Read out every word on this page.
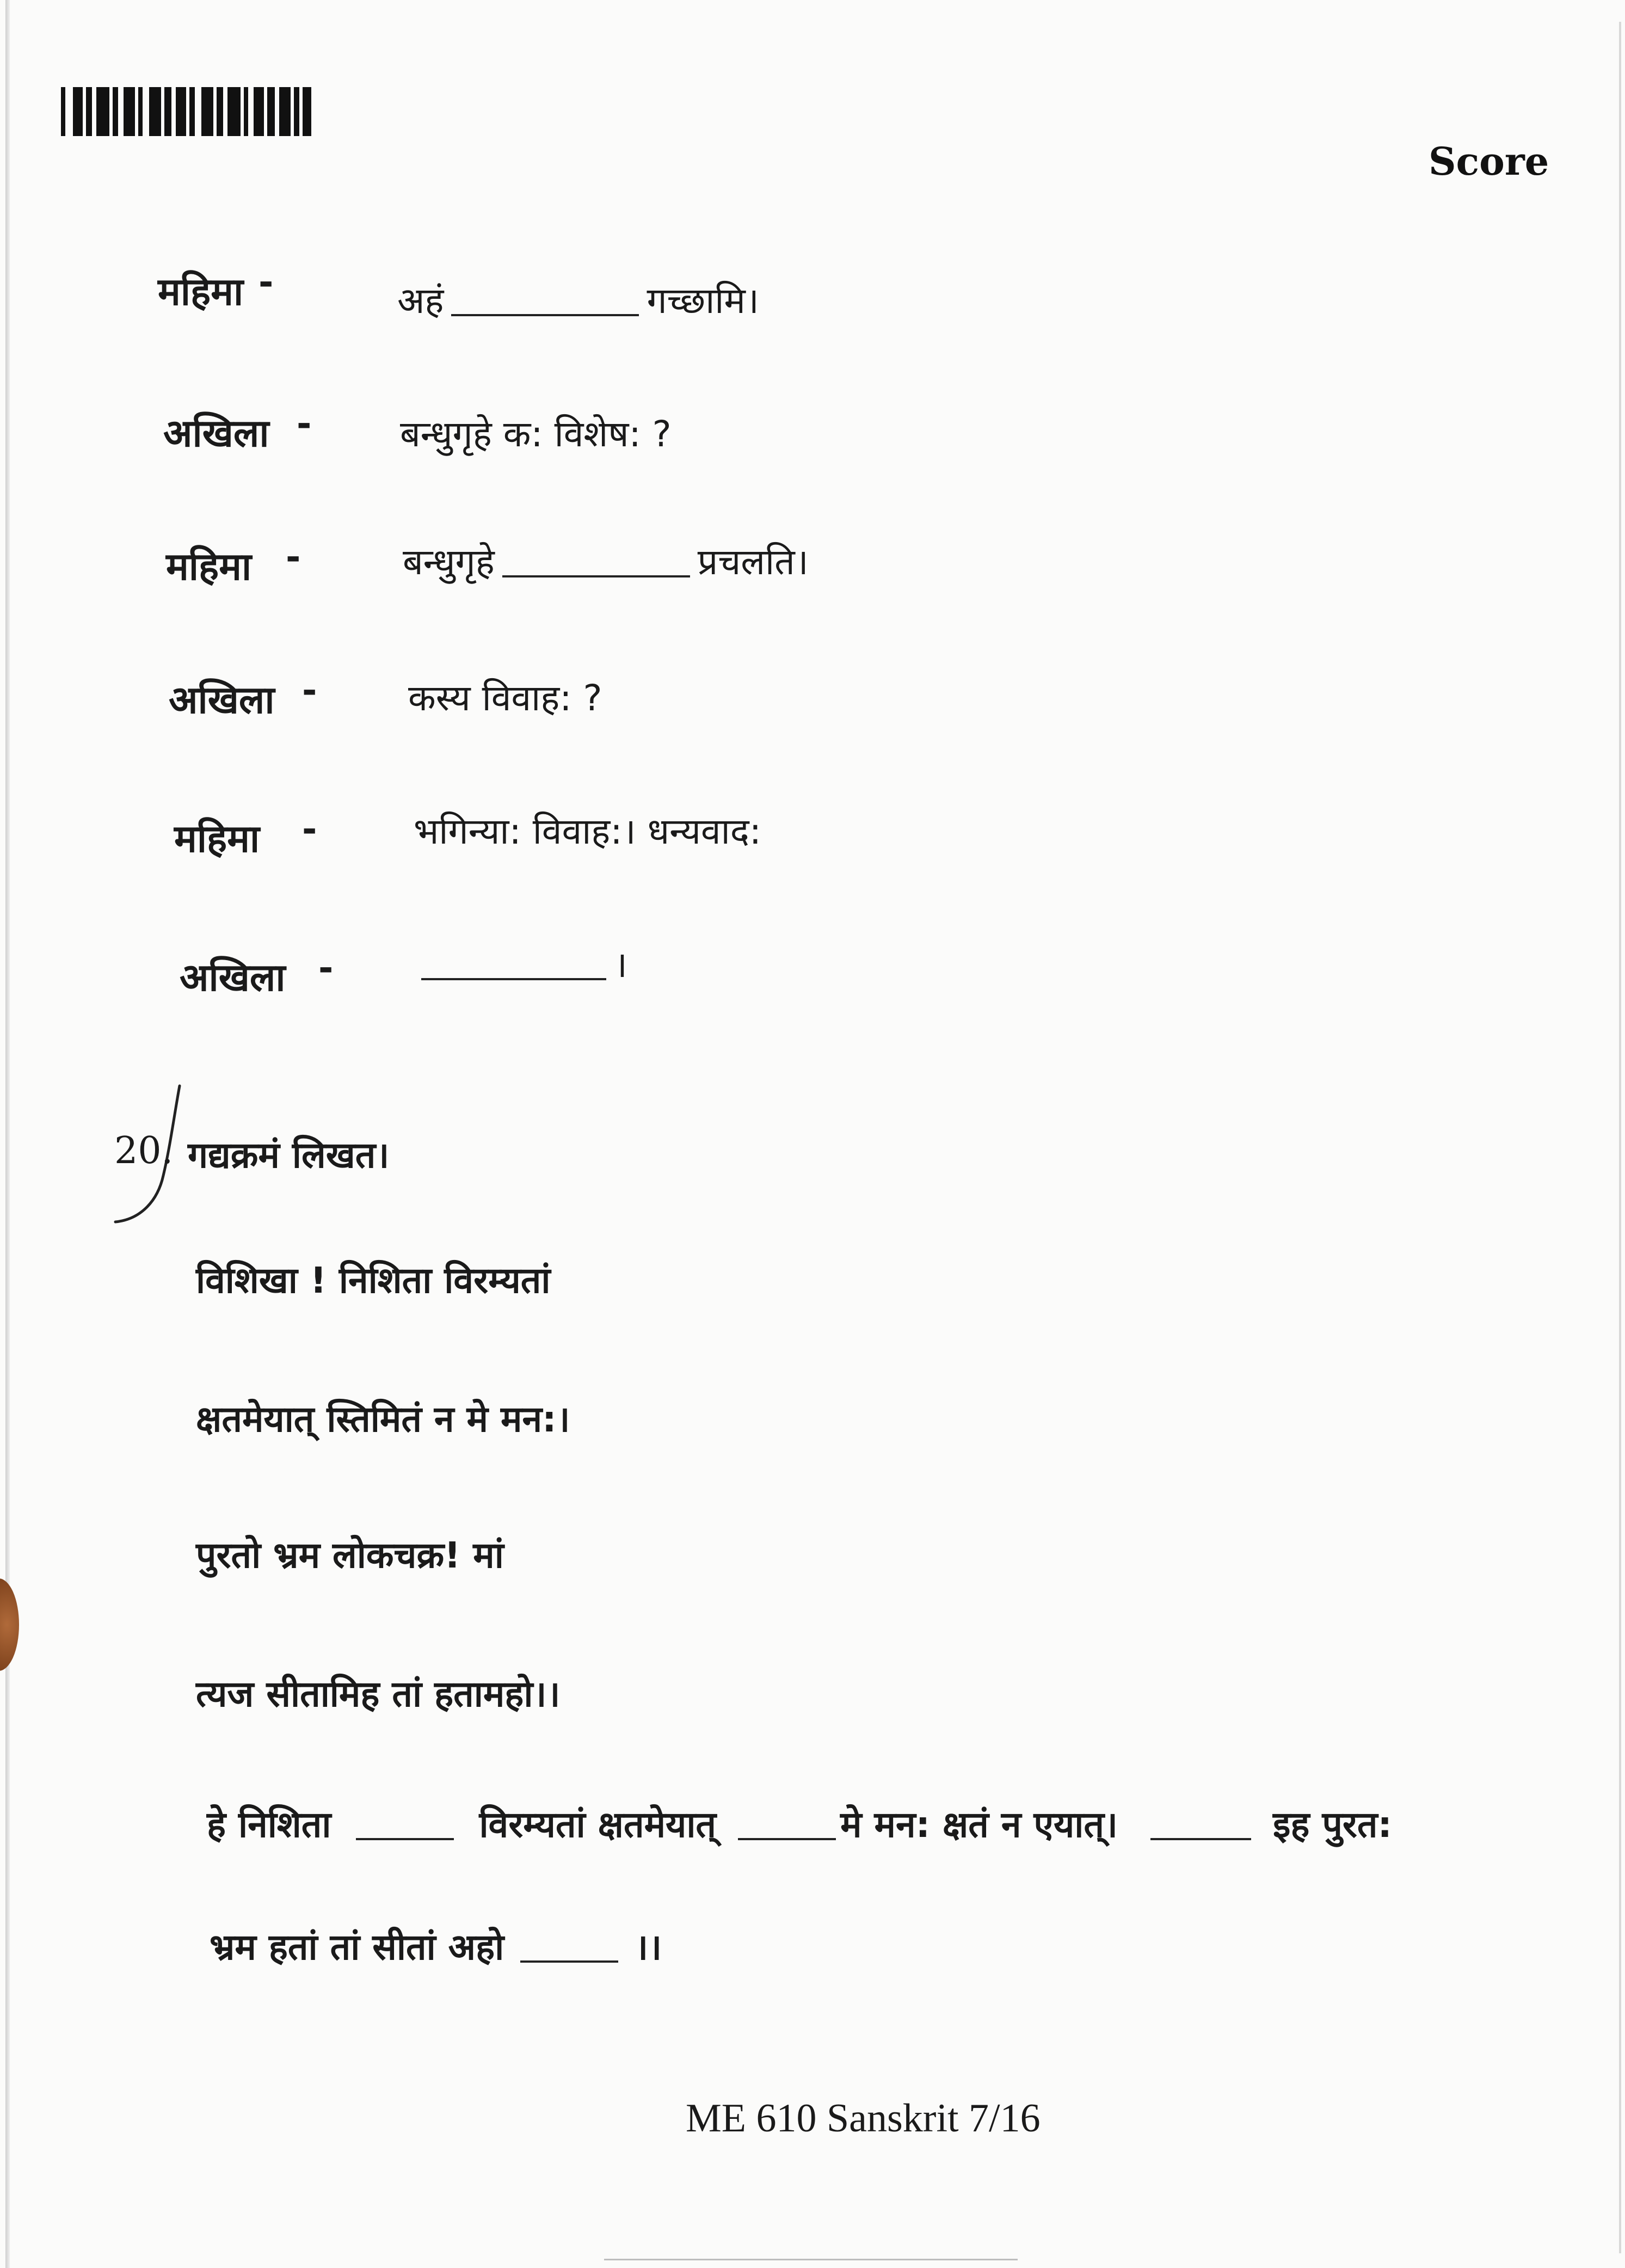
Score
महिमा -	अहं	गच्छामि।
अखिला - बन्धुगृहे क: विशेष: ?
महिमा -	बन्धुगृहे	प्रचलति।
अखिला -	कस्य विवाह: ?
महिमा -	भगिन्या: विवाह:। धन्यवाद:
अखिला -	।
20. गद्यक्रमं लिखत।
विशिखा ! निशिता विरम्यतां
क्षतमेयात् स्तिमितं न मे मन:।
पुरतो भ्रम लोकचक्र! मां
त्यज सीतामिह तां हतामहो।।
हे निशिता	विरम्यतां क्षतमेयात्	मे मन: क्षतं न एयात्।	इह पुरत:
भ्रम हतां तां सीतां अहो	।।
ME 610 Sanskrit 7/16
